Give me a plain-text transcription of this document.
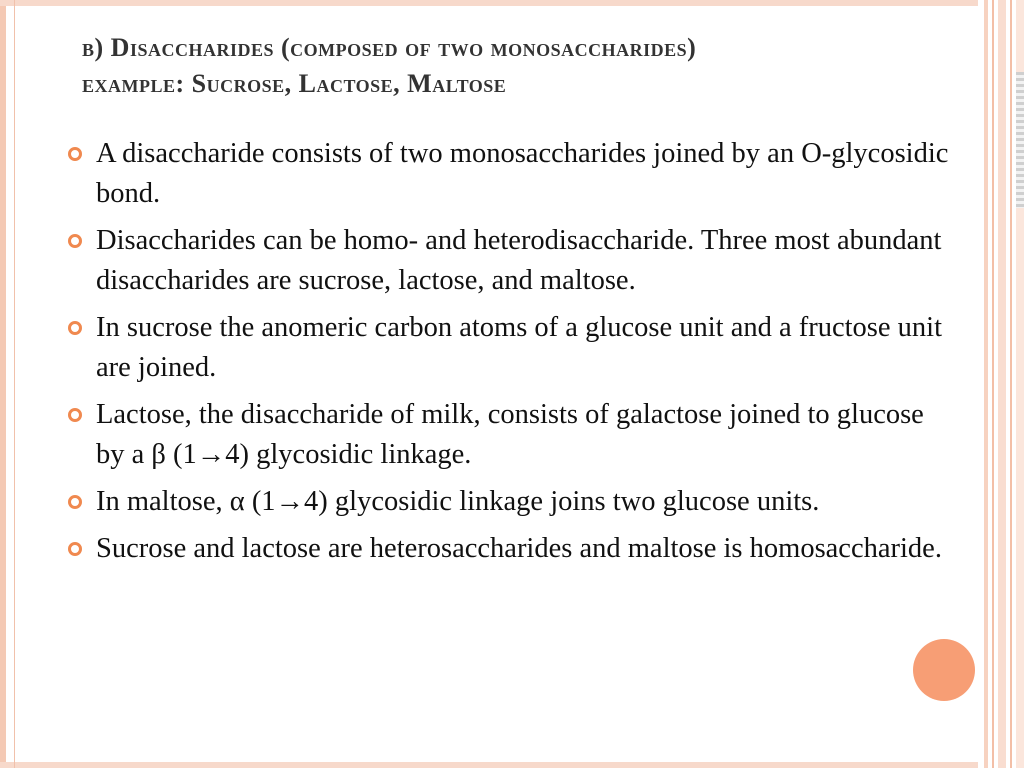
b) Disaccharides (composed of two monosaccharides)
example: Sucrose, Lactose, Maltose
A disaccharide consists of two monosaccharides joined by an O-glycosidic bond.
Disaccharides can be homo- and heterodisaccharide. Three most abundant disaccharides are sucrose, lactose, and maltose.
In sucrose the anomeric carbon atoms of a glucose unit and a fructose unit are joined.
Lactose, the disaccharide of milk, consists of galactose joined to glucose by a β (1→4) glycosidic linkage.
In maltose, α (1→4) glycosidic linkage joins two glucose units.
Sucrose and lactose are heterosaccharides and maltose is homosaccharide.
